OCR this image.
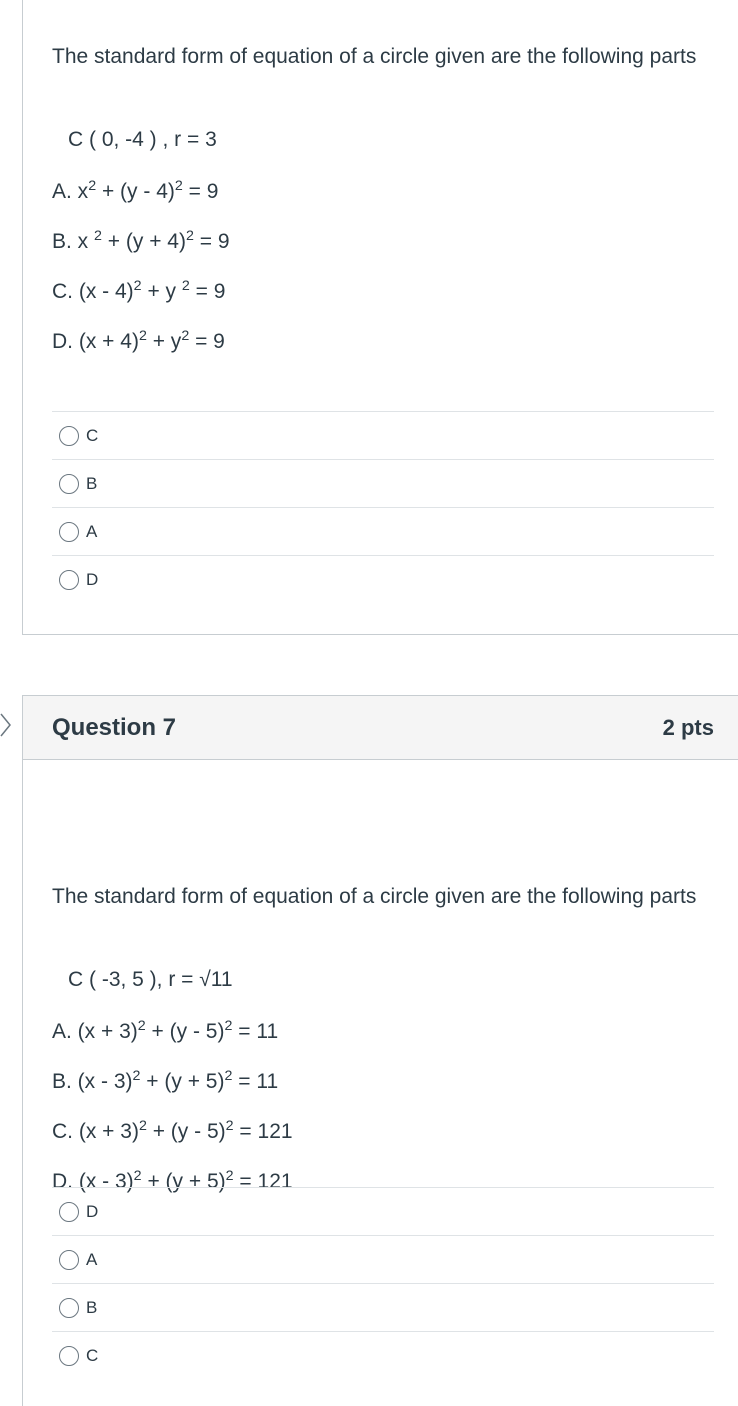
The standard form of equation of a circle given are the following parts

C ( 0, -4 ) , r = 3

A. $x^2 + (y - 4)^2 = 9$

B. x $^2 + (y + 4)^2 = 9$

C. (x - 4)$^2$ + y $^2$ = 9

D. $(x + 4)^2 + y^2 = 9$

C
B
A
D
Question 7	2 pts

The standard form of equation of a circle given are the following parts

C ( -3, 5 ), r = √11

A. $(x + 3)^2 + (y - 5)^2 = 11$

B. $(x - 3)^2 + (y + 5)^2 = 11$

C. $(x + 3)^2 + (y - 5)^2 = 121$

D. $(x - 3)^2 + (y + 5)^2 = 121$

D
A
B
C
